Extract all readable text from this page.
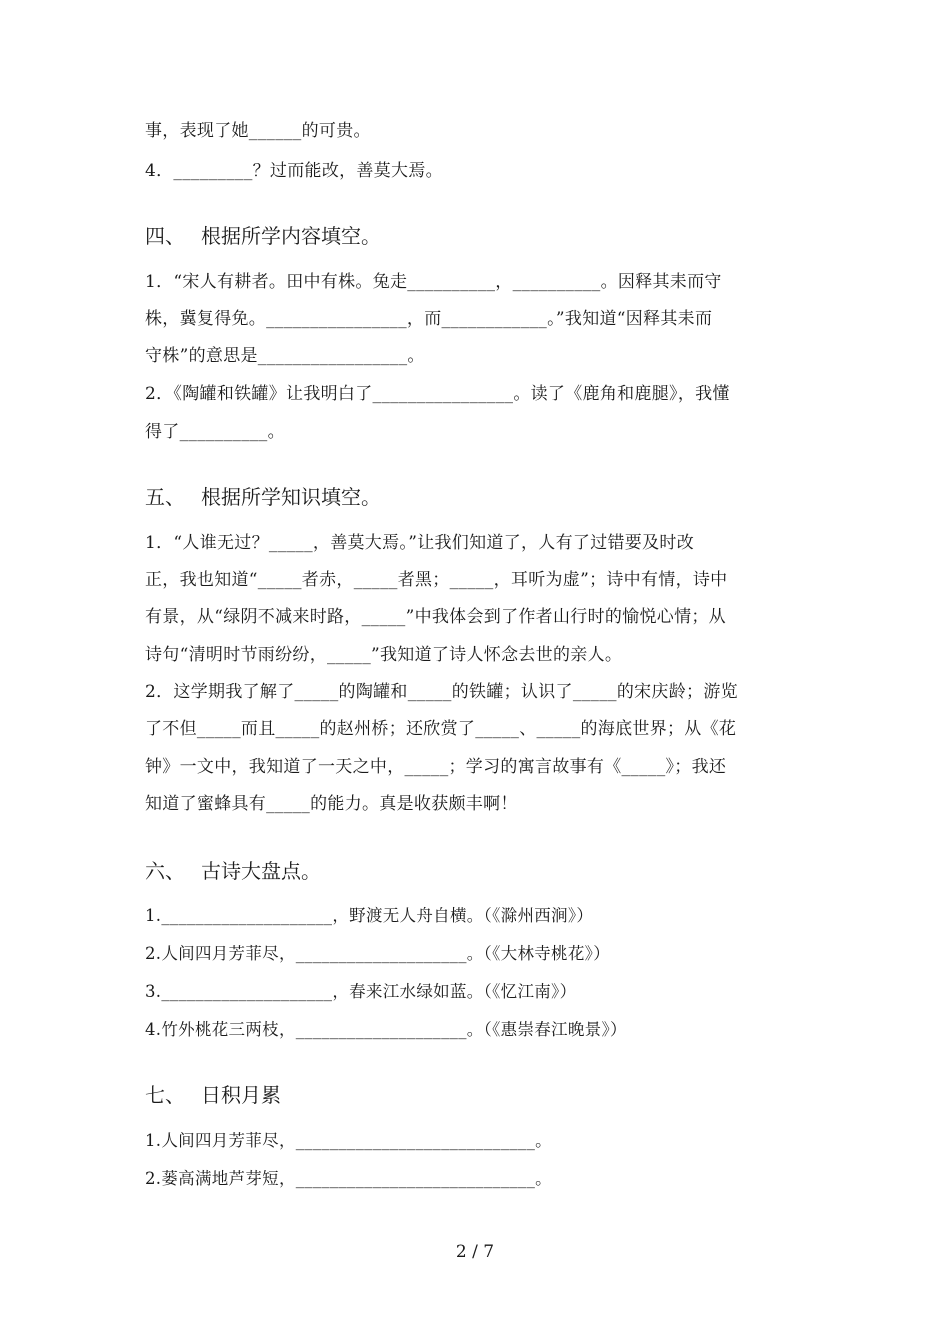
事，表现了她______的可贵。
4．_________？过而能改，善莫大焉。
四、 根据所学内容填空。
1．“宋人有耕者。田中有株。兔走__________，__________。因释其耒而守
株，冀复得免。________________，而____________。”我知道“因释其耒而
守株”的意思是_________________。
2．《陶罐和铁罐》让我明白了________________。读了《鹿角和鹿腿》，我懂
得了__________。
五、 根据所学知识填空。
1．“人谁无过？_____，善莫大焉。”让我们知道了，人有了过错要及时改
正，我也知道“_____者赤，_____者黑；_____，耳听为虚”；诗中有情，诗中
有景，从“绿阴不减来时路，_____”中我体会到了作者山行时的愉悦心情；从
诗句“清明时节雨纷纷，_____”我知道了诗人怀念去世的亲人。
2．这学期我了解了_____的陶罐和_____的铁罐；认识了_____的宋庆龄；游览
了不但_____而且_____的赵州桥；还欣赏了_____、_____的海底世界；从《花
钟》一文中，我知道了一天之中，_____；学习的寓言故事有《_____》；我还
知道了蜜蜂具有_____的能力。真是收获颇丰啊！
六、 古诗大盘点。
1.____________________，野渡无人舟自横。（《滁州西涧》）
2.人间四月芳菲尽，____________________。（《大林寺桃花》）
3.____________________，春来江水绿如蓝。（《忆江南》）
4.竹外桃花三两枝，____________________。（《惠崇春江晚景》）
七、 日积月累
1.人间四月芳菲尽，____________________________。
2.蒌高满地芦芽短，____________________________。
2 / 7
